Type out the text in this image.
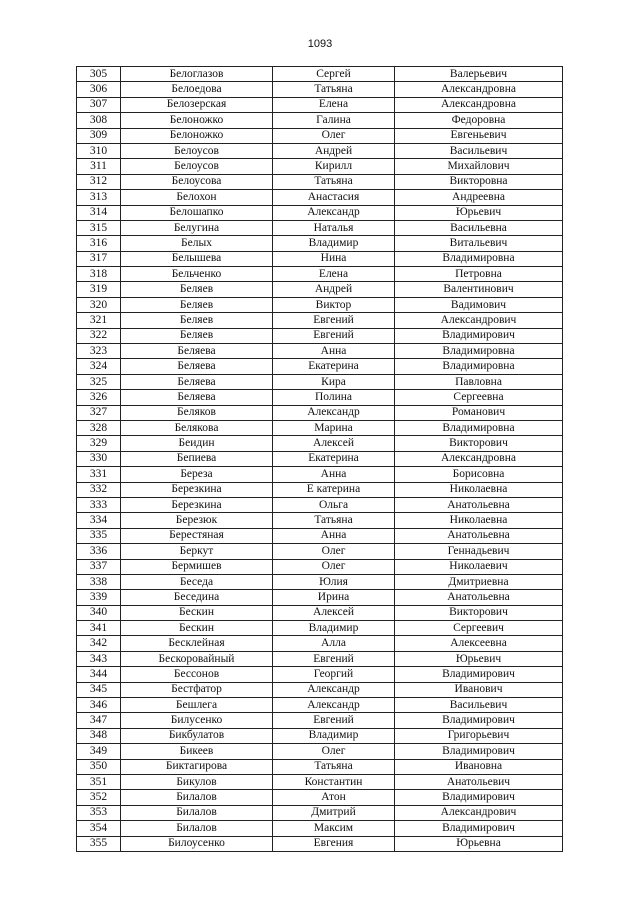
1093
305	Белоглазов	Сергей	Валерьевич
306	Белоедова	Татьяна	Александровна
307	Белозерская	Елена	Александровна
308	Белоножко	Галина	Федоровна
309	Белоножко	Олег	Евгеньевич
310	Белоусов	Андрей	Васильевич
311	Белоусов	Кирилл	Михайлович
312	Белоусова	Татьяна	Викторовна
313	Белохон	Анастасия	Андреевна
314	Белошапко	Александр	Юрьевич
315	Белугина	Наталья	Васильевна
316	Белых	Владимир	Витальевич
317	Белышева	Нина	Владимировна
318	Бельченко	Елена	Петровна
319	Беляев	Андрей	Валентинович
320	Беляев	Виктор	Вадимович
321	Беляев	Евгений	Александрович
322	Беляев	Евгений	Владимирович
323	Беляева	Анна	Владимировна
324	Беляева	Екатерина	Владимировна
325	Беляева	Кира	Павловна
326	Беляева	Полина	Сергеевна
327	Беляков	Александр	Романович
328	Белякова	Марина	Владимировна
329	Беидин	Алексей	Викторович
330	Бепиева	Екатерина	Александровна
331	Береза	Анна	Борисовна
332	Березкина	Е катерина	Николаевна
333	Березкина	Ольга	Анатольевна
334	Березюк	Татьяна	Николаевна
335	Берестяная	Анна	Анатольевна
336	Беркут	Олег	Геннадьевич
337	Бермишев	Олег	Николаевич
338	Беседа	Юлия	Дмитриевна
339	Беседина	Ирина	Анатольевна
340	Бескин	Алексей	Викторович
341	Бескин	Владимир	Сергеевич
342	Бесклейная	Алла	Алексеевна
343	Бескоровайный	Евгений	Юрьевич
344	Бессонов	Георгий	Владимирович
345	Бестфатор	Александр	Иванович
346	Бешлега	Александр	Васильевич
347	Билусенко	Евгений	Владимирович
348	Бикбулатов	Владимир	Григорьевич
349	Бикеев	Олег	Владимирович
350	Биктагирова	Татьяна	Ивановна
351	Бикулов	Константин	Анатольевич
352	Билалов	Атон	Владимирович
353	Билалов	Дмитрий	Александрович
354	Билалов	Максим	Владимирович
355	Билоусенко	Евгения	Юрьевна
